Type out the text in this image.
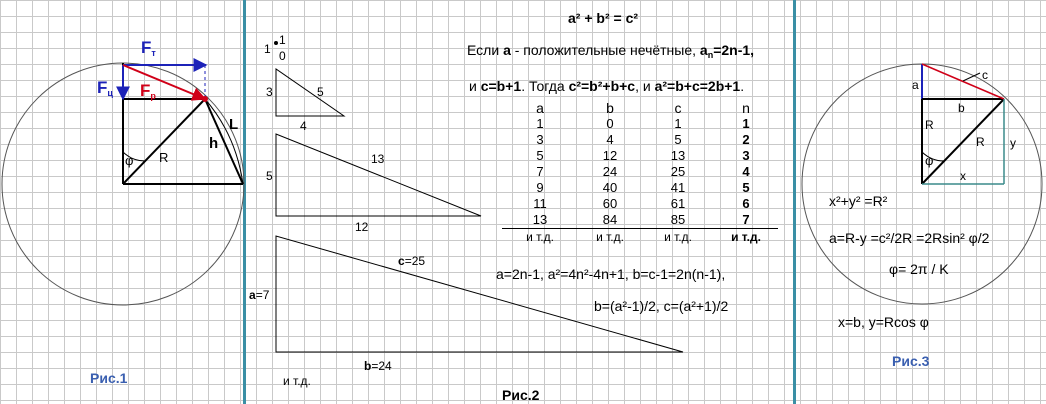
$F_т$
$F_ц$ $F_р$
L
h
R
φ
Рис.1
1
1
0
3	5
4
5
13
12
a=7
c=25
b=24
и т.д.
Рис.2
a² + b² = c²
Если a - положительные нечётные, $a_n=2n-1$,
и c=b+1. Тогда c²=b²+b+c, и a²=b+c=2b+1.
a	b	c	n
1	0	1	1
3	4	5	2
5	12	13	3
7	24	25	4
9	40	41	5
11	60	61	6
13	84	85	7
и т.д.	и т.д.	и т.д.	и т.д.
a=2n-1, a²=4n²-4n+1, b=c-1=2n(n-1),
b=(a²-1)/2, c=(a²+1)/2
a
c
b
R
R y
x
φ
x²+y² =R²
a=R-y =c²/2R =2Rsin² φ/2
φ= 2π / K
x=b, y=Rcos φ
Рис.3
